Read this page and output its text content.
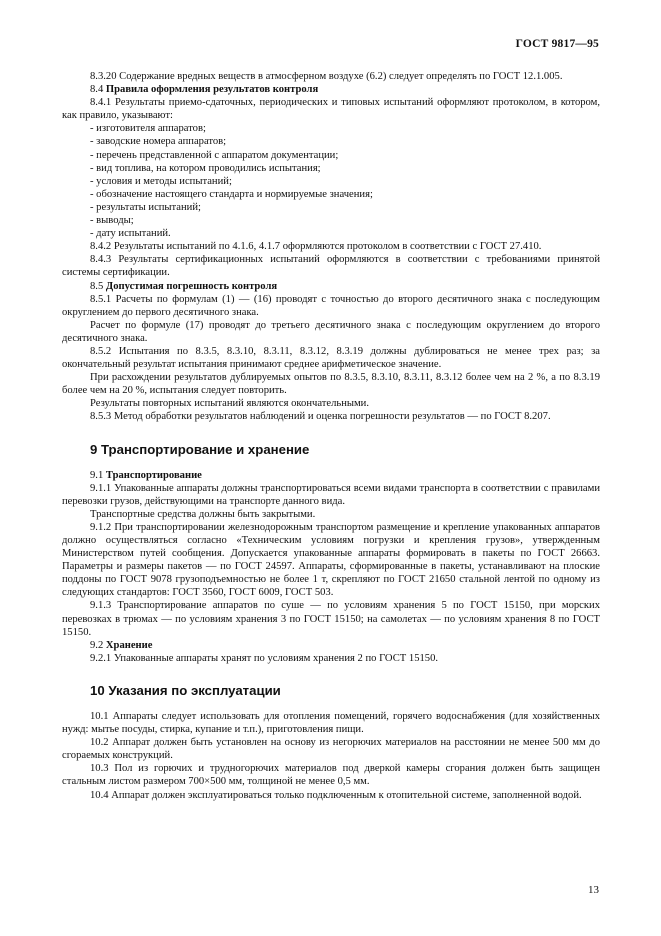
ГОСТ 9817—95

8.3.20 Содержание вредных веществ в атмосферном воздухе (6.2) следует определять по ГОСТ 12.1.005.

8.4 Правила оформления результатов контроля

8.4.1 Результаты приемо-сдаточных, периодических и типовых испытаний оформляют протоколом, в котором, как правило, указывают:

- изготовителя аппаратов;

- заводские номера аппаратов;

- перечень представленной с аппаратом документации;

- вид топлива, на котором проводились испытания;

- условия и методы испытаний;

- обозначение настоящего стандарта и нормируемые значения;

- результаты испытаний;

- выводы;

- дату испытаний.

8.4.2 Результаты испытаний по 4.1.6, 4.1.7 оформляются протоколом в соответствии с ГОСТ 27.410.

8.4.3 Результаты сертификационных испытаний оформляются в соответствии с требованиями принятой системы сертификации.

8.5 Допустимая погрешность контроля

8.5.1 Расчеты по формулам (1) — (16) проводят с точностью до второго десятичного знака с последующим округлением до первого десятичного знака.

Расчет по формуле (17) проводят до третьего десятичного знака с последующим округлением до второго десятичного знака.

8.5.2 Испытания по 8.3.5, 8.3.10, 8.3.11, 8.3.12, 8.3.19 должны дублироваться не менее трех раз; за окончательный результат испытания принимают среднее арифметическое значение.

При расхождении результатов дублируемых опытов по 8.3.5, 8.3.10, 8.3.11, 8.3.12 более чем на 2 %, а по 8.3.19 более чем на 20 %, испытания следует повторить.

Результаты повторных испытаний являются окончательными.

8.5.3 Метод обработки результатов наблюдений и оценка погрешности результатов — по ГОСТ 8.207.

9 Транспортирование и хранение

9.1 Транспортирование

9.1.1 Упакованные аппараты должны транспортироваться всеми видами транспорта в соответствии с правилами перевозки грузов, действующими на транспорте данного вида.

Транспортные средства должны быть закрытыми.

9.1.2 При транспортировании железнодорожным транспортом размещение и крепление упакованных аппаратов должно осуществляться согласно «Техническим условиям погрузки и крепления грузов», утвержденным Министерством путей сообщения. Допускается упакованные аппараты формировать в пакеты по ГОСТ 26663. Параметры и размеры пакетов — по ГОСТ 24597. Аппараты, сформированные в пакеты, устанавливают на плоские поддоны по ГОСТ 9078 грузоподъемностью не более 1 т, скрепляют по ГОСТ 21650 стальной лентой по одному из следующих стандартов: ГОСТ 3560, ГОСТ 6009, ГОСТ 503.

9.1.3 Транспортирование аппаратов по суше — по условиям хранения 5 по ГОСТ 15150, при морских перевозках в трюмах — по условиям хранения 3 по ГОСТ 15150; на самолетах — по условиям хранения 8 по ГОСТ 15150.

9.2 Хранение

9.2.1 Упакованные аппараты хранят по условиям хранения 2 по ГОСТ 15150.

10 Указания по эксплуатации

10.1 Аппараты следует использовать для отопления помещений, горячего водоснабжения (для хозяйственных нужд: мытье посуды, стирка, купание и т.п.), приготовления пищи.

10.2 Аппарат должен быть установлен на основу из негорючих материалов на расстоянии не менее 500 мм до сгораемых конструкций.

10.3 Пол из горючих и трудногорючих материалов под дверкой камеры сгорания должен быть защищен стальным листом размером 700×500 мм, толщиной не менее 0,5 мм.

10.4 Аппарат должен эксплуатироваться только подключенным к отопительной системе, заполненной водой.

13
